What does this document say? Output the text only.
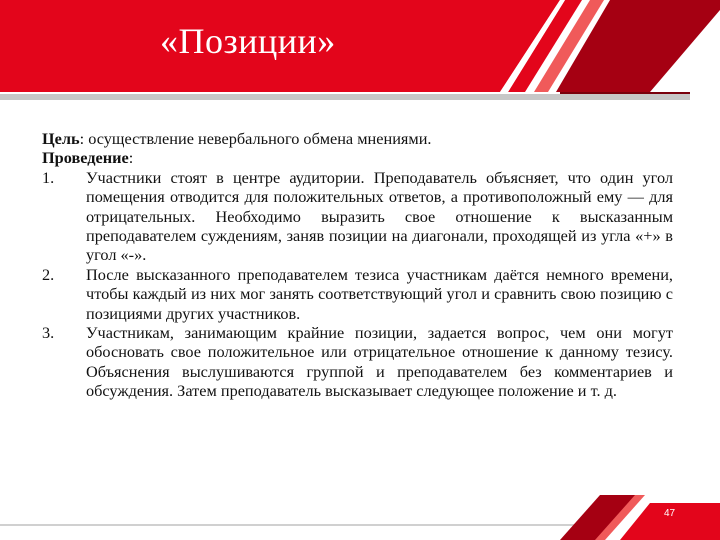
«Позиции»

Цель: осуществление невербального обмена мнениями.

Проведение:

1. Участники стоят в центре аудитории. Преподаватель объясняет, что один угол помещения отводится для положительных ответов, а противоположный ему — для отрицательных. Необходимо выразить свое отношение к высказанным преподавателем суждениям, заняв позиции на диагонали, проходящей из угла «+» в угол «-».

2. После высказанного преподавателем тезиса участникам даётся немного времени, чтобы каждый из них мог занять соответствующий угол и сравнить свою позицию с позициями других участников.

3. Участникам, занимающим крайние позиции, задается вопрос, чем они могут обосновать свое положительное или отрицательное отношение к данному тезису. Объяснения выслушиваются группой и преподавателем без комментариев и обсуждения. Затем преподаватель высказывает следующее положение и т. д.

47
